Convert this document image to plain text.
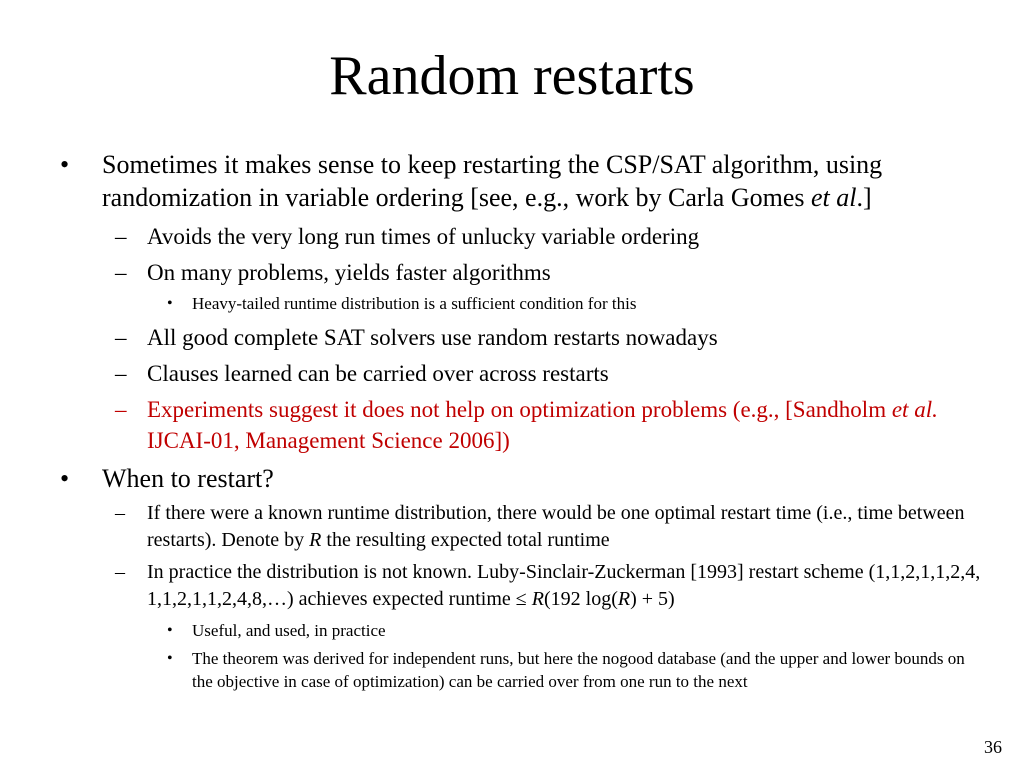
Random restarts
• Sometimes it makes sense to keep restarting the CSP/SAT algorithm, using randomization in variable ordering [see, e.g., work by Carla Gomes et al.]
– Avoids the very long run times of unlucky variable ordering
– On many problems, yields faster algorithms
• Heavy-tailed runtime distribution is a sufficient condition for this
– All good complete SAT solvers use random restarts nowadays
– Clauses learned can be carried over across restarts
– Experiments suggest it does not help on optimization problems (e.g., [Sandholm et al. IJCAI-01, Management Science 2006])
• When to restart?
– If there were a known runtime distribution, there would be one optimal restart time (i.e., time between restarts). Denote by R the resulting expected total runtime
– In practice the distribution is not known. Luby-Sinclair-Zuckerman [1993] restart scheme (1,1,2,1,1,2,4, 1,1,2,1,1,2,4,8,…) achieves expected runtime ≤ R(192 log(R) + 5)
• Useful, and used, in practice
• The theorem was derived for independent runs, but here the nogood database (and the upper and lower bounds on the objective in case of optimization) can be carried over from one run to the next
36
